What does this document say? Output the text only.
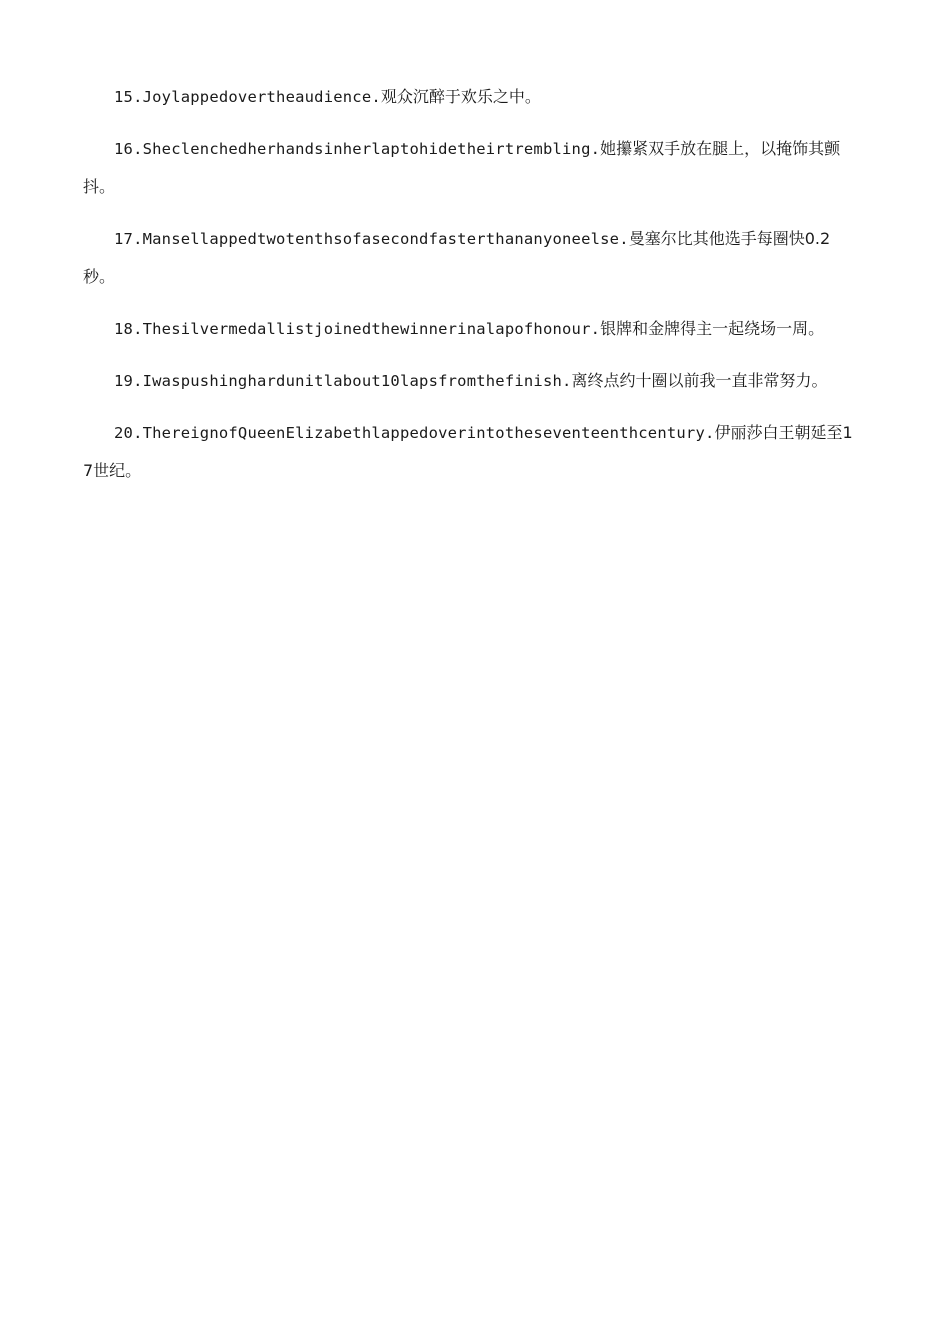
15.Joylappedovertheaudience.观众沉醉于欢乐之中。

16.Sheclenchedherhandsinherlaptohidetheirtrembling.她攥紧双手放在腿上，以掩饰其颤抖。

17.Mansellappedtwotenthsofasecondfasterthananyoneelse.曼塞尔比其他选手每圈快0.2秒。

18.Thesilvermedallistjoinedthewinnerinalapofhonour.银牌和金牌得主一起绕场一周。

19.Iwaspushinghardunitlabout10lapsfromthefinish.离终点约十圈以前我一直非常努力。

20.ThereignofQueenElizabethlappedoverintotheseventeenthcentury.伊丽莎白王朝延至17世纪。
